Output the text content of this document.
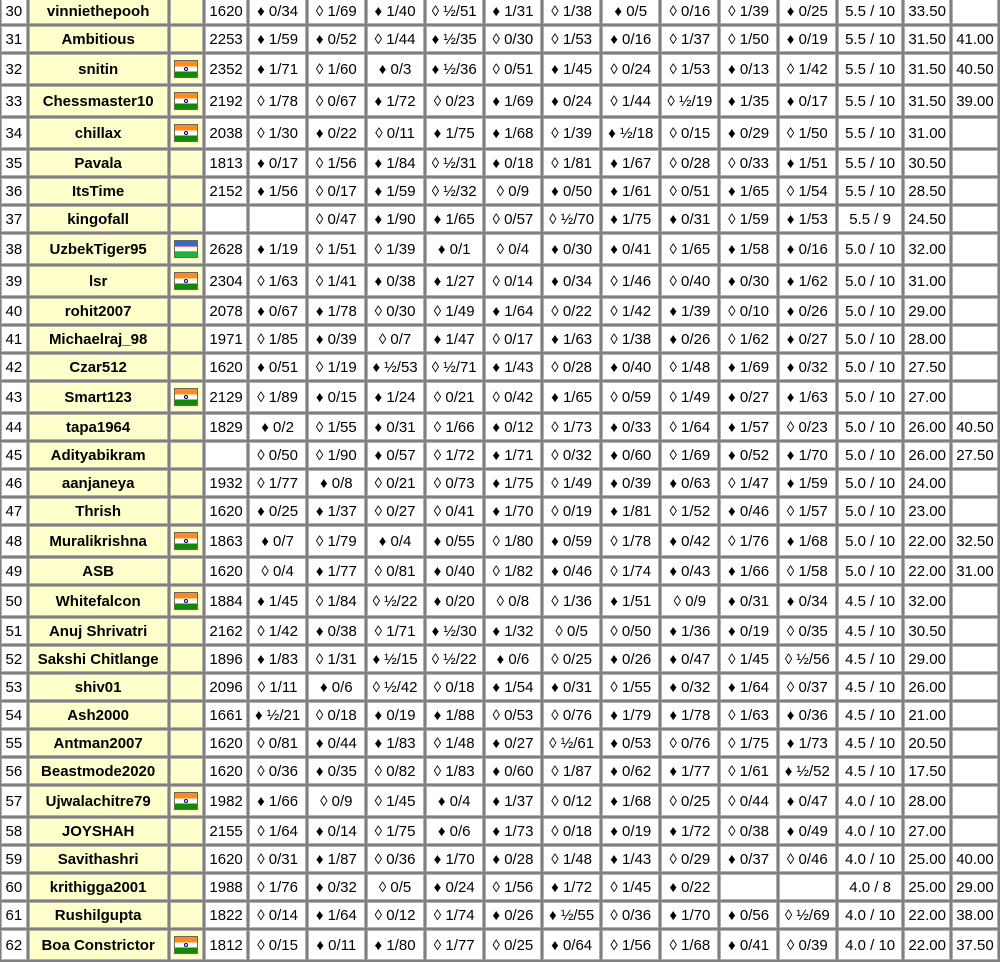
30	vinniethepooh		1620	♦ 0/34	◊ 1/69	♦ 1/40	◊ ½/51	♦ 1/31	◊ 1/38	♦ 0/5	◊ 0/16	◊ 1/39	♦ 0/25	5.5 / 10	33.50	
31	Ambitious		2253	♦ 1/59	♦ 0/52	◊ 1/44	♦ ½/35	◊ 0/30	◊ 1/53	♦ 0/16	◊ 1/37	◊ 1/50	♦ 0/19	5.5 / 10	31.50	41.00
32	snitin		2352	♦ 1/71	◊ 1/60	♦ 0/3	♦ ½/36	◊ 0/51	♦ 1/45	◊ 0/24	◊ 1/53	♦ 0/13	◊ 1/42	5.5 / 10	31.50	40.50
33	Chessmaster10		2192	◊ 1/78	◊ 0/67	♦ 1/72	◊ 0/23	♦ 1/69	♦ 0/24	◊ 1/44	◊ ½/19	♦ 1/35	♦ 0/17	5.5 / 10	31.50	39.00
34	chillax		2038	◊ 1/30	♦ 0/22	◊ 0/11	♦ 1/75	♦ 1/68	◊ 1/39	♦ ½/18	◊ 0/15	♦ 0/29	◊ 1/50	5.5 / 10	31.00	
35	Pavala		1813	♦ 0/17	◊ 1/56	♦ 1/84	◊ ½/31	♦ 0/18	◊ 1/81	♦ 1/67	◊ 0/28	◊ 0/33	♦ 1/51	5.5 / 10	30.50	
36	ItsTime		2152	♦ 1/56	◊ 0/17	♦ 1/59	◊ ½/32	◊ 0/9	♦ 0/50	♦ 1/61	◊ 0/51	♦ 1/65	◊ 1/54	5.5 / 10	28.50	
37	kingofall				◊ 0/47	♦ 1/90	♦ 1/65	◊ 0/57	◊ ½/70	♦ 1/75	♦ 0/31	◊ 1/59	♦ 1/53	5.5 / 9	24.50	
38	UzbekTiger95		2628	♦ 1/19	◊ 1/51	◊ 1/39	♦ 0/1	◊ 0/4	♦ 0/30	♦ 0/41	◊ 1/65	♦ 1/58	♦ 0/16	5.0 / 10	32.00	
39	lsr		2304	◊ 1/63	◊ 1/41	♦ 0/38	♦ 1/27	◊ 0/14	♦ 0/34	◊ 1/46	◊ 0/40	♦ 0/30	♦ 1/62	5.0 / 10	31.00	
40	rohit2007		2078	♦ 0/67	♦ 1/78	◊ 0/30	◊ 1/49	♦ 1/64	◊ 0/22	◊ 1/42	♦ 1/39	◊ 0/10	♦ 0/26	5.0 / 10	29.00	
41	Michaelraj_98		1971	◊ 1/85	♦ 0/39	◊ 0/7	♦ 1/47	◊ 0/17	♦ 1/63	◊ 1/38	♦ 0/26	◊ 1/62	♦ 0/27	5.0 / 10	28.00	
42	Czar512		1620	♦ 0/51	◊ 1/19	♦ ½/53	◊ ½/71	♦ 1/43	◊ 0/28	♦ 0/40	◊ 1/48	♦ 1/69	♦ 0/32	5.0 / 10	27.50	
43	Smart123		2129	◊ 1/89	♦ 0/15	♦ 1/24	◊ 0/21	◊ 0/42	♦ 1/65	◊ 0/59	◊ 1/49	♦ 0/27	♦ 1/63	5.0 / 10	27.00	
44	tapa1964		1829	♦ 0/2	◊ 1/55	♦ 0/31	◊ 1/66	♦ 0/12	◊ 1/73	♦ 0/33	◊ 1/64	♦ 1/57	◊ 0/23	5.0 / 10	26.00	40.50
45	Adityabikram			◊ 0/50	◊ 1/90	♦ 0/57	◊ 1/72	♦ 1/71	◊ 0/32	♦ 0/60	◊ 1/69	♦ 0/52	♦ 1/70	5.0 / 10	26.00	27.50
46	aanjaneya		1932	◊ 1/77	♦ 0/8	◊ 0/21	◊ 0/73	♦ 1/75	◊ 1/49	♦ 0/39	♦ 0/63	◊ 1/47	♦ 1/59	5.0 / 10	24.00	
47	Thrish		1620	♦ 0/25	♦ 1/37	◊ 0/27	◊ 0/41	♦ 1/70	◊ 0/19	♦ 1/81	◊ 1/52	♦ 0/46	◊ 1/57	5.0 / 10	23.00	
48	Muralikrishna		1863	♦ 0/7	◊ 1/79	♦ 0/4	♦ 0/55	◊ 1/80	♦ 0/59	◊ 1/78	♦ 0/42	◊ 1/76	♦ 1/68	5.0 / 10	22.00	32.50
49	ASB		1620	◊ 0/4	♦ 1/77	◊ 0/81	♦ 0/40	◊ 1/82	♦ 0/46	◊ 1/74	♦ 0/43	♦ 1/66	◊ 1/58	5.0 / 10	22.00	31.00
50	Whitefalcon		1884	♦ 1/45	◊ 1/84	◊ ½/22	♦ 0/20	◊ 0/8	◊ 1/36	♦ 1/51	◊ 0/9	♦ 0/31	♦ 0/34	4.5 / 10	32.00	
51	Anuj Shrivatri		2162	◊ 1/42	♦ 0/38	◊ 1/71	♦ ½/30	♦ 1/32	◊ 0/5	◊ 0/50	♦ 1/36	♦ 0/19	◊ 0/35	4.5 / 10	30.50	
52	Sakshi Chitlange		1896	♦ 1/83	◊ 1/31	♦ ½/15	◊ ½/22	♦ 0/6	◊ 0/25	♦ 0/26	♦ 0/47	◊ 1/45	◊ ½/56	4.5 / 10	29.00	
53	shiv01		2096	◊ 1/11	♦ 0/6	◊ ½/42	◊ 0/18	♦ 1/54	♦ 0/31	◊ 1/55	♦ 0/32	♦ 1/64	◊ 0/37	4.5 / 10	26.00	
54	Ash2000		1661	♦ ½/21	◊ 0/18	♦ 0/19	♦ 1/88	◊ 0/53	◊ 0/76	♦ 1/79	♦ 1/78	◊ 1/63	♦ 0/36	4.5 / 10	21.00	
55	Antman2007		1620	◊ 0/81	♦ 0/44	♦ 1/83	◊ 1/48	♦ 0/27	◊ ½/61	♦ 0/53	◊ 0/76	◊ 1/75	♦ 1/73	4.5 / 10	20.50	
56	Beastmode2020		1620	◊ 0/36	♦ 0/35	◊ 0/82	◊ 1/83	♦ 0/60	◊ 1/87	♦ 0/62	♦ 1/77	◊ 1/61	♦ ½/52	4.5 / 10	17.50	
57	Ujwalachitre79		1982	♦ 1/66	◊ 0/9	◊ 1/45	♦ 0/4	♦ 1/37	◊ 0/12	♦ 1/68	◊ 0/25	◊ 0/44	♦ 0/47	4.0 / 10	28.00	
58	JOYSHAH		2155	◊ 1/64	♦ 0/14	◊ 1/75	♦ 0/6	♦ 1/73	◊ 0/18	♦ 0/19	♦ 1/72	◊ 0/38	♦ 0/49	4.0 / 10	27.00	
59	Savithashri		1620	◊ 0/31	♦ 1/87	◊ 0/36	♦ 1/70	♦ 0/28	◊ 1/48	♦ 1/43	◊ 0/29	♦ 0/37	◊ 0/46	4.0 / 10	25.00	40.00
60	krithigga2001		1988	◊ 1/76	♦ 0/32	◊ 0/5	♦ 0/24	◊ 1/56	♦ 1/72	◊ 1/45	♦ 0/22			4.0 / 8	25.00	29.00
61	Rushilgupta		1822	◊ 0/14	♦ 1/64	◊ 0/12	◊ 1/74	♦ 0/26	♦ ½/55	◊ 0/36	♦ 1/70	♦ 0/56	◊ ½/69	4.0 / 10	22.00	38.00
62	Boa Constrictor		1812	◊ 0/15	♦ 0/11	♦ 1/80	◊ 1/77	◊ 0/25	♦ 0/64	◊ 1/56	◊ 1/68	♦ 0/41	◊ 0/39	4.0 / 10	22.00	37.50
